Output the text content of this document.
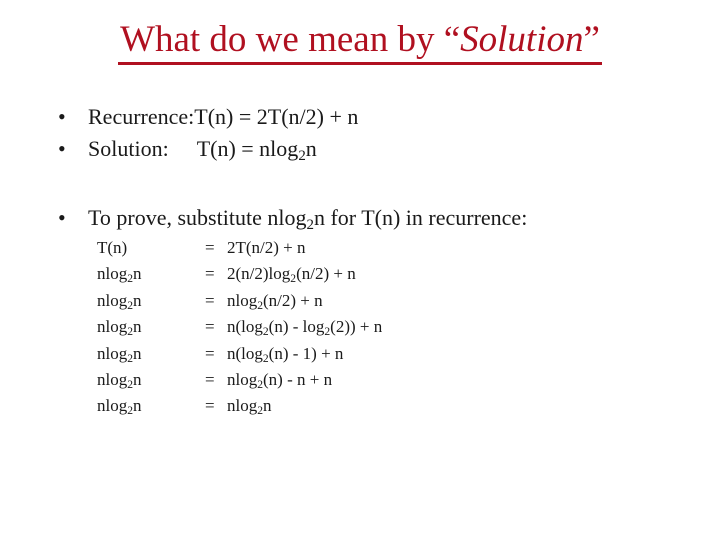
What do we mean by “Solution”
• Recurrence:T(n) = 2T(n/2) + n
• Solution: T(n) = nlog$_2$n
• To prove, substitute nlog$_2$n for T(n) in recurrence:
T(n)	= 2T(n/2) + n
nlog$_2$n	= $2(n/2)\log_2(n/2) + n$
nlog$_2$n	= nlog$_2$(n/2) + n
nlog$_2$n	= $n(\log_2(n) - \log_2(2)) + n$
nlog$_2$n	= $n(\log_2(n) - 1) + n$
nlog$_2$n	= nlog$_2$(n) - n + n
nlog$_2$n	= nlog$_2$n
